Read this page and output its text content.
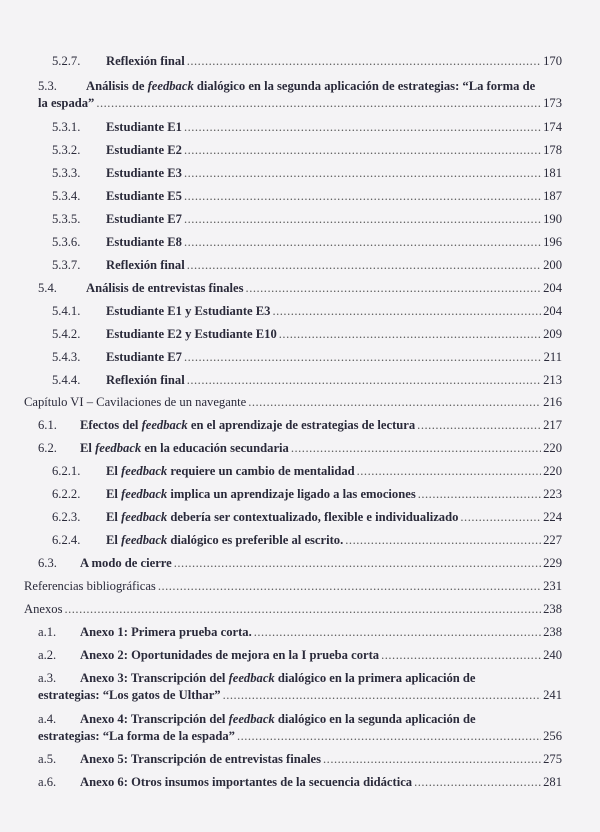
5.2.7.	Reflexión final .....	170
5.3.	Análisis de feedback dialógico en la segunda aplicación de estrategias: “La forma de
la espada” .....	173
5.3.1.	Estudiante E1 .....	174
5.3.2.	Estudiante E2 .....	178
5.3.3.	Estudiante E3 .....	181
5.3.4.	Estudiante E5 .....	187
5.3.5.	Estudiante E7 .....	190
5.3.6.	Estudiante E8 .....	196
5.3.7.	Reflexión final .....	200
5.4.	Análisis de entrevistas finales .....	204
5.4.1.	Estudiante E1 y Estudiante E3 .....	204
5.4.2.	Estudiante E2 y Estudiante E10 .....	209
5.4.3.	Estudiante E7 .....	211
5.4.4.	Reflexión final .....	213
Capítulo VI – Cavilaciones de un navegante .....	216
6.1.	Efectos del feedback en el aprendizaje de estrategias de lectura .....	217
6.2.	El feedback en la educación secundaria .....	220
6.2.1.	El feedback requiere un cambio de mentalidad .....	220
6.2.2.	El feedback implica un aprendizaje ligado a las emociones .....	223
6.2.3.	El feedback debería ser contextualizado, flexible e individualizado .....	224
6.2.4.	El feedback dialógico es preferible al escrito. .....	227
6.3.	A modo de cierre .....	229
Referencias bibliográficas .....	231
Anexos .....	238
a.1.	Anexo 1: Primera prueba corta. .....	238
a.2.	Anexo 2: Oportunidades de mejora en la I prueba corta .....	240
a.3.	Anexo 3: Transcripción del feedback dialógico en la primera aplicación de
estrategias: “Los gatos de Ulthar” .....	241
a.4.	Anexo 4: Transcripción del feedback dialógico en la segunda aplicación de
estrategias: “La forma de la espada” .....	256
a.5.	Anexo 5: Transcripción de entrevistas finales .....	275
a.6.	Anexo 6: Otros insumos importantes de la secuencia didáctica .....	281
